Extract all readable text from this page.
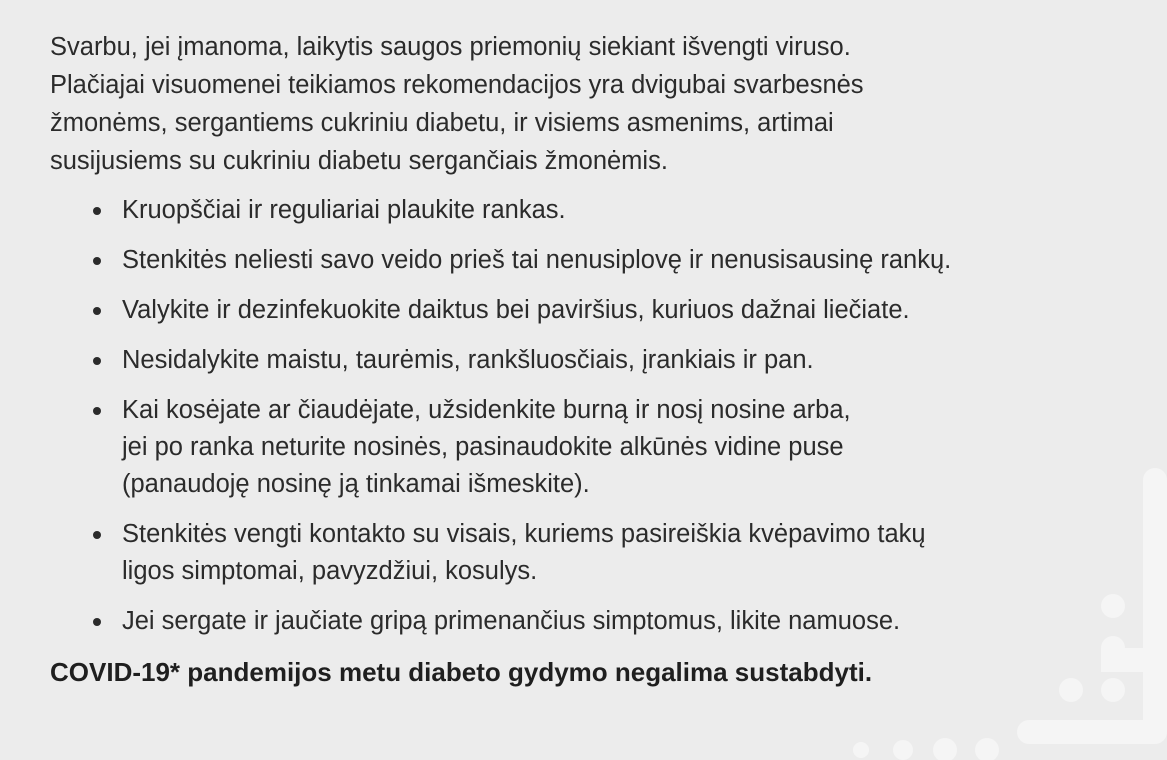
Svarbu, jei įmanoma, laikytis saugos priemonių siekiant išvengti viruso.
Plačiajai visuomenei teikiamos rekomendacijos yra dvigubai svarbesnės
žmonėms, sergantiems cukriniu diabetu, ir visiems asmenims, artimai
susijusiems su cukriniu diabetu sergančiais žmonėmis.

Kruopščiai ir reguliariai plaukite rankas.
Stenkitės neliesti savo veido prieš tai nenusiplovę ir nenusisausinę rankų.
Valykite ir dezinfekuokite daiktus bei paviršius, kuriuos dažnai liečiate.
Nesidalykite maistu, taurėmis, rankšluosčiais, įrankiais ir pan.
Kai kosėjate ar čiaudėjate, užsidenkite burną ir nosį nosine arba,
jei po ranka neturite nosinės, pasinaudokite alkūnės vidine puse
(panaudoję nosinę ją tinkamai išmeskite).
Stenkitės vengti kontakto su visais, kuriems pasireiškia kvėpavimo takų
ligos simptomai, pavyzdžiui, kosulys.
Jei sergate ir jaučiate gripą primenančius simptomus, likite namuose.

COVID-19* pandemijos metu diabeto gydymo negalima sustabdyti.
